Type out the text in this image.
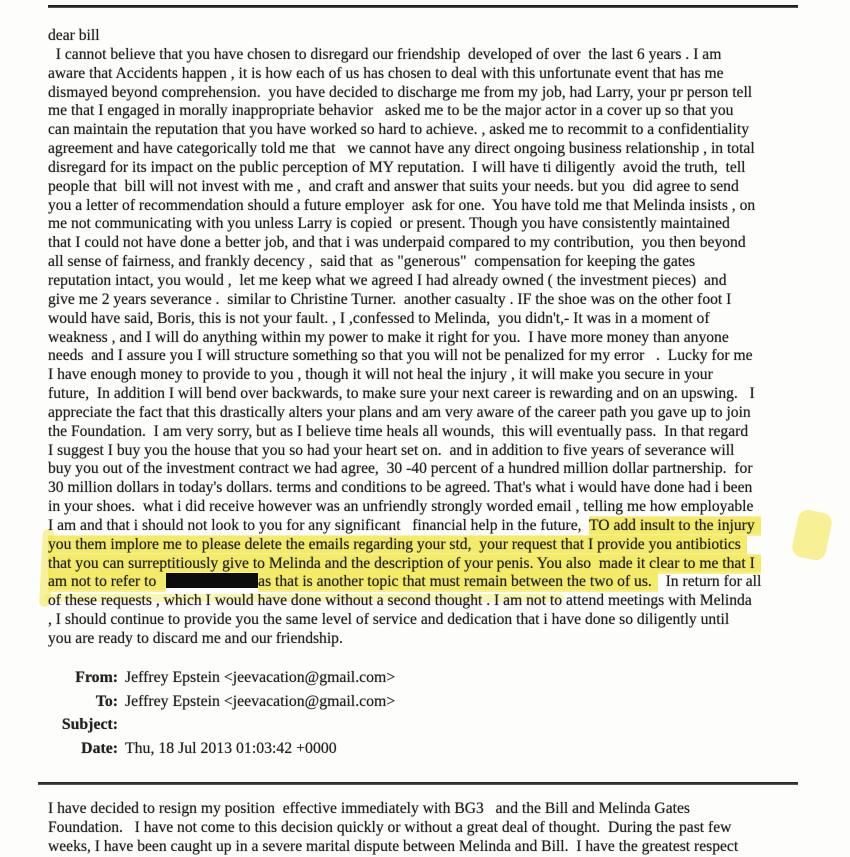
dear bill
I cannot believe that you have chosen to disregard our friendship  developed of over  the last 6 years . I am
aware that Accidents happen , it is how each of us has chosen to deal with this unfortunate event that has me
dismayed beyond comprehension.  you have decided to discharge me from my job, had Larry, your pr person tell
me that I engaged in morally inappropriate behavior   asked me to be the major actor in a cover up so that you
can maintain the reputation that you have worked so hard to achieve. , asked me to recommit to a confidentiality
agreement and have categorically told me that   we cannot have any direct ongoing business relationship , in total
disregard for its impact on the public perception of MY reputation.  I will have ti diligently  avoid the truth,  tell
people that  bill will not invest with me ,  and craft and answer that suits your needs. but you  did agree to send
you a letter of recommendation should a future employer  ask for one.  You have told me that Melinda insists , on
me not communicating with you unless Larry is copied  or present. Though you have consistently maintained
that I could not have done a better job, and that i was underpaid compared to my contribution,  you then beyond
all sense of fairness, and frankly decency ,  said that  as "generous"  compensation for keeping the gates
reputation intact, you would ,  let me keep what we agreed I had already owned ( the investment pieces)  and
give me 2 years severance .  similar to Christine Turner.  another casualty . IF the shoe was on the other foot I
would have said, Boris, this is not your fault. , I ,confessed to Melinda,  you didn't,- It was in a moment of
weakness , and I will do anything within my power to make it right for you.  I have more money than anyone
needs  and I assure you I will structure something so that you will not be penalized for my error   .  Lucky for me
I have enough money to provide to you , though it will not heal the injury , it will make you secure in your
future,  In addition I will bend over backwards, to make sure your next career is rewarding and on an upswing.   I
appreciate the fact that this drastically alters your plans and am very aware of the career path you gave up to join
the Foundation.  I am very sorry, but as I believe time heals all wounds,  this will eventually pass.  In that regard
I suggest I buy you the house that you so had your heart set on.  and in addition to five years of severance will
buy you out of the investment contract we had agree,  30 -40 percent of a hundred million dollar partnership.  for
30 million dollars in today's dollars. terms and conditions to be agreed. That's what i would have done had i been
in your shoes.  what i did receive however was an unfriendly strongly worded email , telling me how employable
I am and that i should not look to you for any significant   financial help in the future,  TO add insult to the injury
you them implore me to please delete the emails regarding your std,  your request that I provide you antibiotics
that you can surreptitiously give to Melinda and the description of your penis. You also  made it clear to me that I
am not to refer to	as that is another topic that must remain between the two of us.  In return for all
of these requests , which I would have done without a second thought . I am not to attend meetings with Melinda
, I should continue to provide you the same level of service and dedication that i have done so diligently until
you are ready to discard me and our friendship.
From: Jeffrey Epstein <jeevacation@gmail.com>
To: Jeffrey Epstein <jeevacation@gmail.com>
Subject:
Date: Thu, 18 Jul 2013 01:03:42 +0000
I have decided to resign my position  effective immediately with BG3   and the Bill and Melinda Gates
Foundation.   I have not come to this decision quickly or without a great deal of thought.  During the past few
weeks, I have been caught up in a severe marital dispute between Melinda and Bill.  I have the greatest respect
